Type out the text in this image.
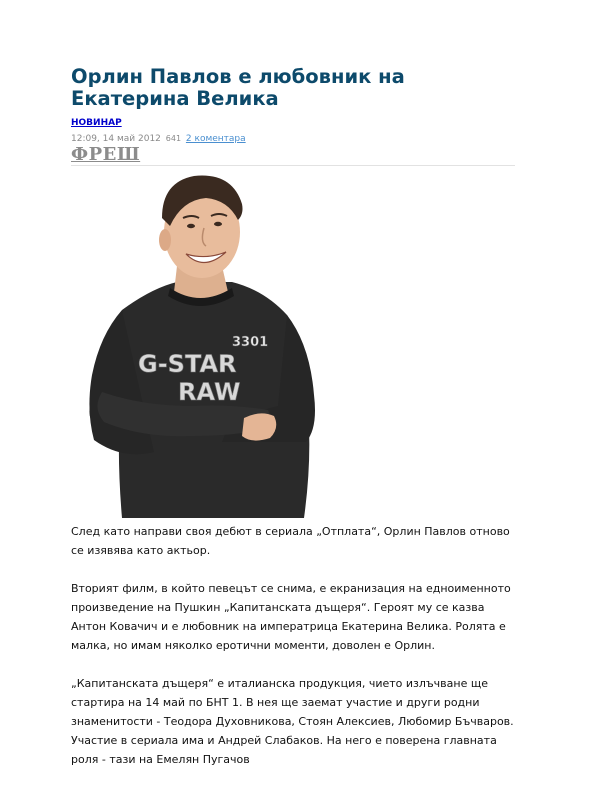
Орлин Павлов е любовник на Екатерина Велика
НОВИНАР
12:09, 14 май 2012 641 2 коментара
ФРЕШ
3301
G-STAR
RAW

След като направи своя дебют в сериала „Отплата“, Орлин Павлов отново се изявява като актьор.

Вторият филм, в който певецът се снима, е екранизация на едноименното произведение на Пушкин „Капитанската дъщеря“. Героят му се казва Антон Ковачич и е любовник на императрица Екатерина Велика. Ролята е малка, но имам няколко еротични моменти, доволен е Орлин.

„Капитанската дъщеря“ е италианска продукция, чието излъчване ще стартира на 14 май по БНТ 1. В нея ще заемат участие и други родни знаменитости - Теодора Духовникова, Стоян Алексиев, Любомир Бъчваров. Участие в сериала има и Андрей Слабаков. На него е поверена главната роля - тази на Емелян Пугачов
